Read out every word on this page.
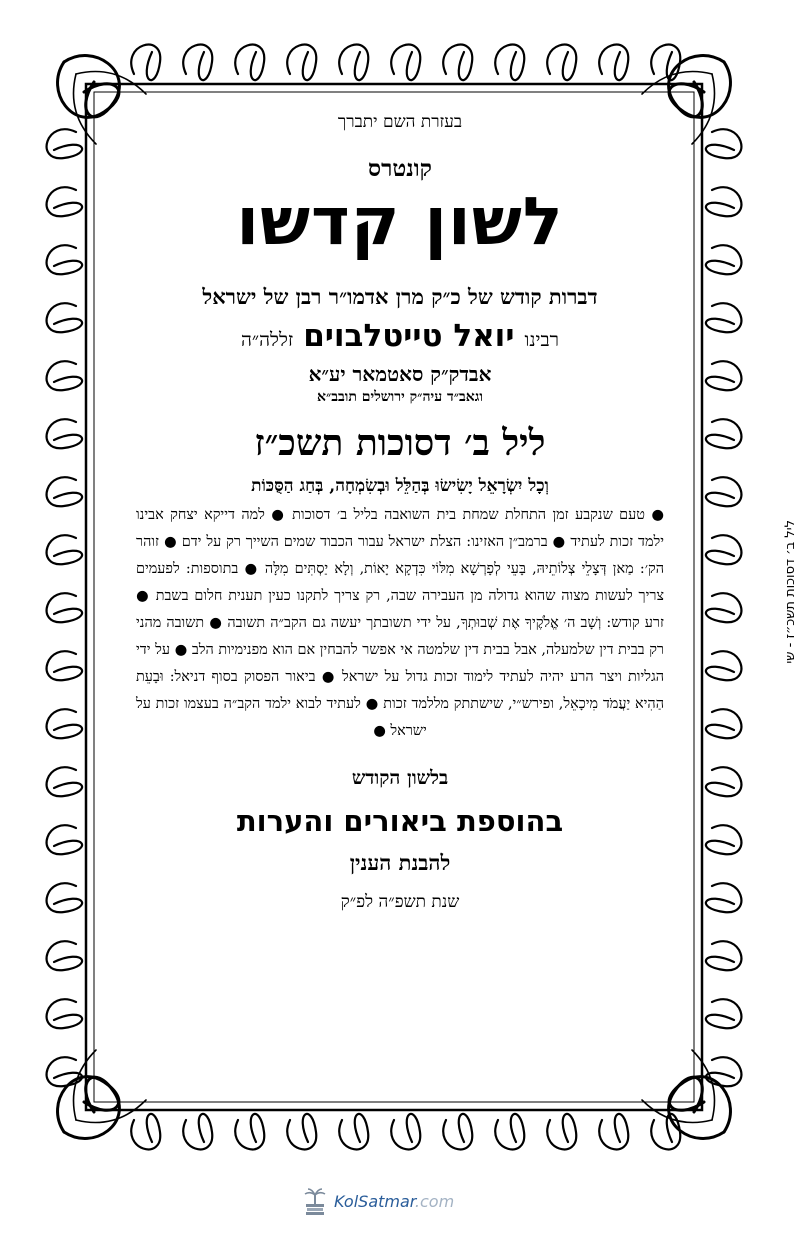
ליל ב׳ דסוכות תשכ״ז - שי

בעזרת השם יתברך

קונטרס

לשון קדשו

דברות קודש של כ״ק מרן אדמו״ר רבן של ישראל

רבינו יואל טייטלבוים זללה״ה

אבדק״ק סאטמאר יע״א

וגאב״ד עיה״ק ירושלים תובב״א

ליל ב׳ דסוכות תשכ״ז

וְכָל יִשְׂרָאֵל יָשִׂישׂוּ בְּהַלֵּל וּבְשִׂמְחָה, בְּחַג הַסֻּכּוֹת

● טעם שנקבע זמן התחלת שמחת בית השואבה בליל ב׳ דסוכות ● למה דייקא יצחק אבינו ילמד זכות לעתיד ● ברמב״ן האזינו: הצלת ישראל עבור הכבוד שמים השייך רק על ידם ● זוהר הק׳: מַאן דְּצָלֵי צְלוֹתֵיהּ, בָּעֵי לְפָרְשָׁא מִלּוֹי כִּדְקָא יָאוֹת, וְלָא יַסְתִּים מִלָּה ● בתוספות: לפעמים צריך לעשות מצוה שהוא גדולה מן העבירה שבה, רק צריך לתקנו כעין תענית חלום בשבת ● זרע קודש: וְשָׁב ה׳ אֱלֹקֶיךָ אֶת שְׁבוּתְךָ, על ידי תשובתך יעשה גם הקב״ה תשובה ● תשובה מהני רק בבית דין שלמעלה, אבל בבית דין שלמטה אי אפשר להבחין אם הוא מפנימיות הלב ● על ידי הגליות ויצר הרע יהיה לעתיד לימוד זכות גדול על ישראל ● ביאור הפסוק בסוף דניאל: וּבָעֵת הַהִיא יַעֲמֹד מִיכָאֵל, ופירש״י, שישתתק מללמד זכות ● לעתיד לבוא ילמד הקב״ה בעצמו זכות על ישראל ●

בלשון הקודש

בהוספת ביאורים והערות

להבנת הענין

שנת תשפ״ה לפ״ק

KolSatmar.com
